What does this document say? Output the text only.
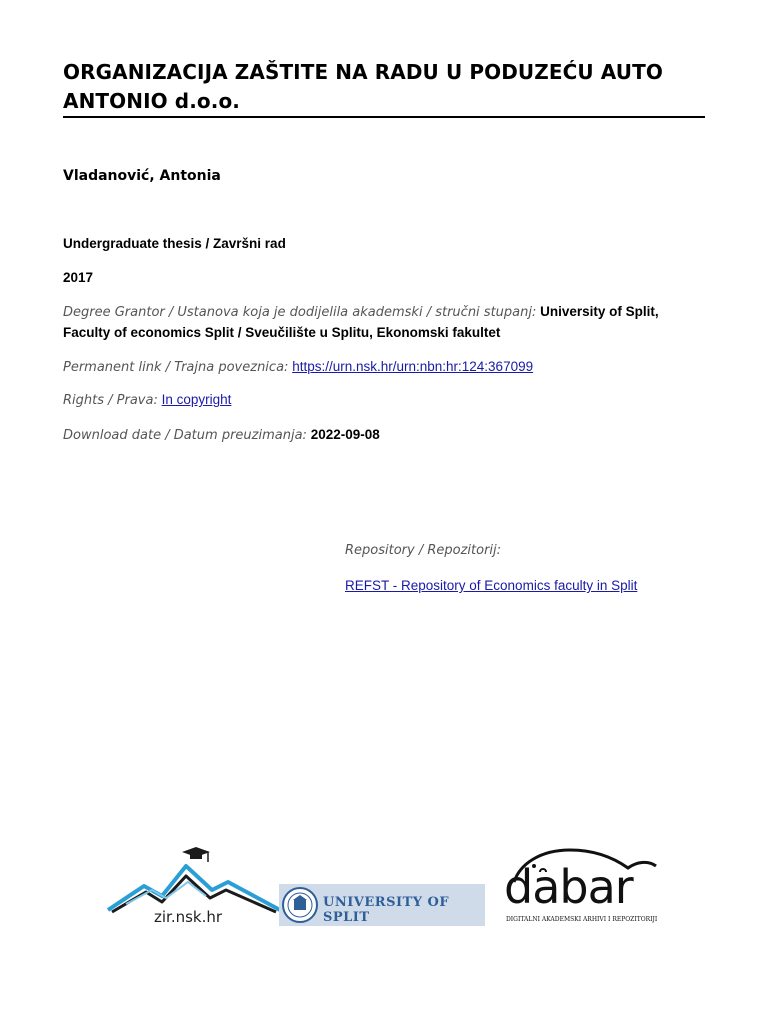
ORGANIZACIJA ZAŠTITE NA RADU U PODUZEĆU AUTO ANTONIO d.o.o.
Vladanović, Antonia
Undergraduate thesis / Završni rad
2017
Degree Grantor / Ustanova koja je dodijelila akademski / stručni stupanj: University of Split, Faculty of economics Split / Sveučilište u Splitu, Ekonomski fakultet
Permanent link / Trajna poveznica: https://urn.nsk.hr/urn:nbn:hr:124:367099
Rights / Prava: In copyright
Download date / Datum preuzimanja: 2022-09-08
Repository / Repozitorij:
REFST - Repository of Economics faculty in Split
zir.nsk.hr
UNIVERSITY OF SPLIT
dabar
DIGITALNI AKADEMSKI ARHIVI I REPOZITORIJI
